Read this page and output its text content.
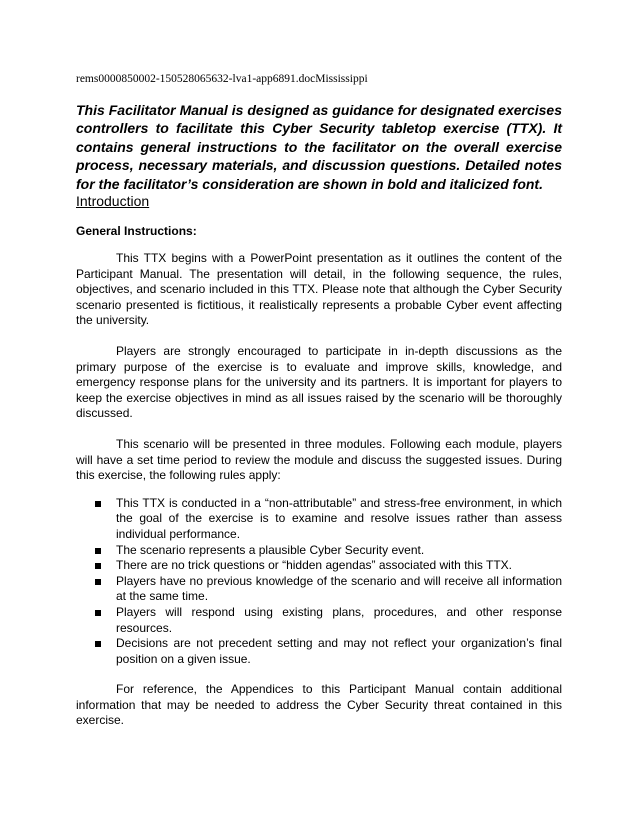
rems0000850002-150528065632-lva1-app6891.docMississippi

This Facilitator Manual is designed as guidance for designated exercises controllers to facilitate this Cyber Security tabletop exercise (TTX). It contains general instructions to the facilitator on the overall exercise process, necessary materials, and discussion questions. Detailed notes for the facilitator’s consideration are shown in bold and italicized font.

Introduction
General Instructions:

This TTX begins with a PowerPoint presentation as it outlines the content of the Participant Manual. The presentation will detail, in the following sequence, the rules, objectives, and scenario included in this TTX. Please note that although the Cyber Security scenario presented is fictitious, it realistically represents a probable Cyber event affecting the university.

Players are strongly encouraged to participate in in-depth discussions as the primary purpose of the exercise is to evaluate and improve skills, knowledge, and emergency response plans for the university and its partners. It is important for players to keep the exercise objectives in mind as all issues raised by the scenario will be thoroughly discussed.

This scenario will be presented in three modules. Following each module, players will have a set time period to review the module and discuss the suggested issues. During this exercise, the following rules apply:

This TTX is conducted in a “non-attributable” and stress-free environment, in which the goal of the exercise is to examine and resolve issues rather than assess individual performance.
The scenario represents a plausible Cyber Security event.
There are no trick questions or “hidden agendas” associated with this TTX.
Players have no previous knowledge of the scenario and will receive all information at the same time.
Players will respond using existing plans, procedures, and other response resources.
Decisions are not precedent setting and may not reflect your organization’s final position on a given issue.

For reference, the Appendices to this Participant Manual contain additional information that may be needed to address the Cyber Security threat contained in this exercise.
